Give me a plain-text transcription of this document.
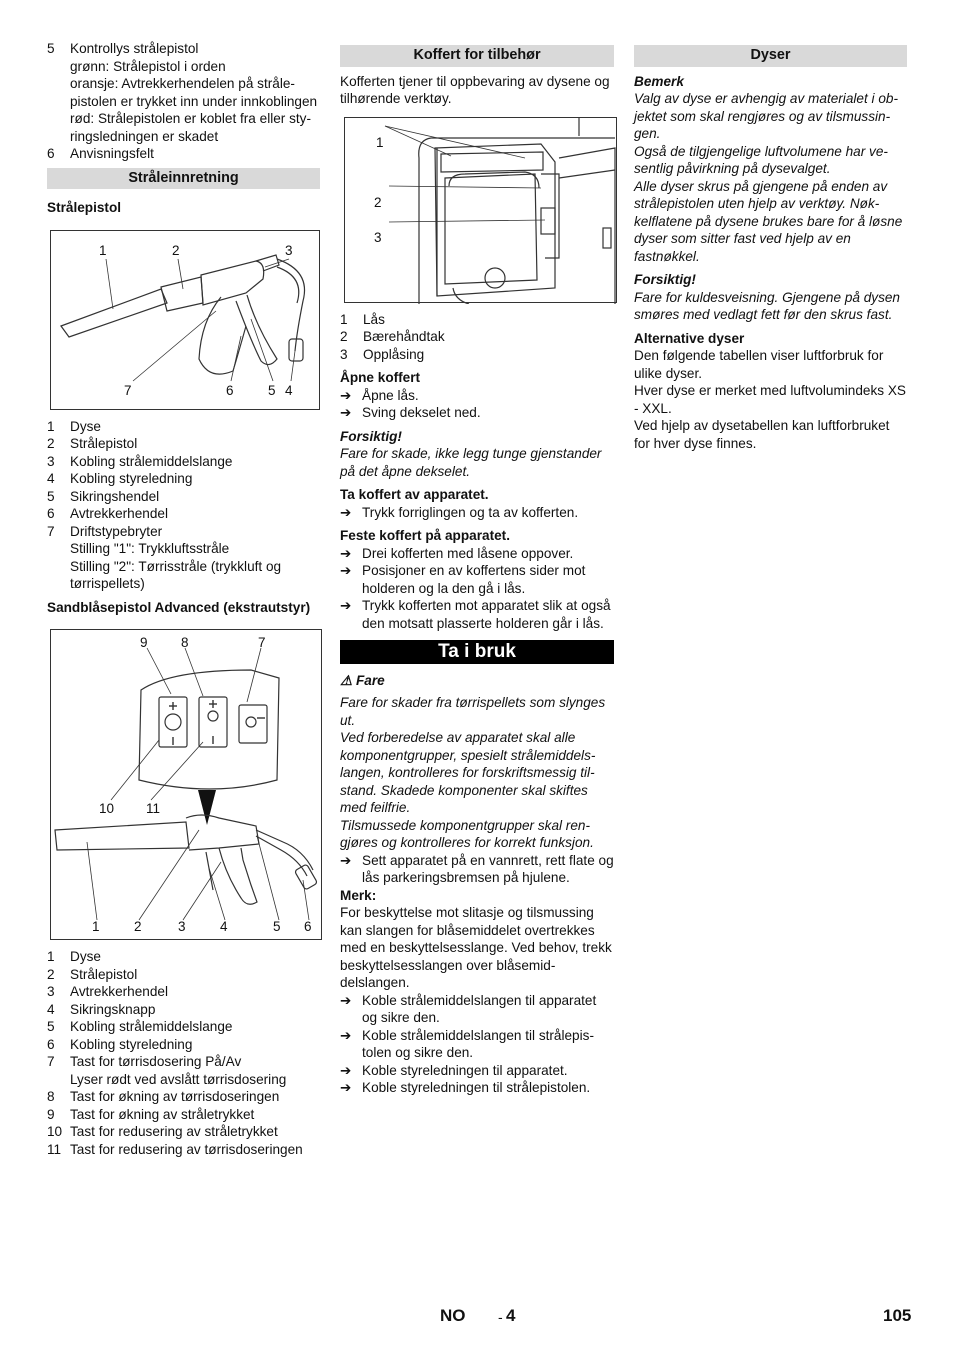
5	Kontrollys strålepistol
grønn: Strålepistol i orden
oransje: Avtrekkerhendelen på strålepistolen er trykket inn under innkoblingen
rød: Strålepistolen er koblet fra eller styringsledningen er skadet
6	Anvisningsfelt
Stråleinnretning
Strålepistol
1	2	3
7	6	5 4
1	Dyse
2	Strålepistol
3	Kobling strålemiddelslange
4	Kobling styreledning
5	Sikringshendel
6	Avtrekkerhendel
7	Driftstypebryter
Stilling "1": Trykkluftsstråle
Stilling "2": Tørrisstråle (trykkluft og tørrispellets)
Sandblåsepistol Advanced (ekstrautstyr)
9 8	7
10 11
1	2	3	4	5 6
1	Dyse
2	Strålepistol
3	Avtrekkerhendel
4	Sikringsknapp
5	Kobling strålemiddelslange
6	Kobling styreledning
7	Tast for tørrisdosering På/Av
Lyser rødt ved avslått tørrisdosering
8	Tast for økning av tørrisdoseringen
9	Tast for økning av stråletrykket
10 Tast for redusering av stråletrykket
11 Tast for redusering av tørrisdoseringen
Koffert for tilbehør
Kofferten tjener til oppbevaring av dysene og tilhørende verktøy.
1
2
3
1	Lås
2	Bærehåndtak
3	Opplåsing
Åpne koffert
➔ Åpne lås.
➔ Sving dekselet ned.
Forsiktig!
Fare for skade, ikke legg tunge gjenstander på det åpne dekselet.
Ta koffert av apparatet.
➔ Trykk forriglingen og ta av kofferten.
Feste koffert på apparatet.
➔ Drei kofferten med låsene oppover.
➔ Posisjoner en av koffertens sider mot holderen og la den gå i lås.
➔ Trykk kofferten mot apparatet slik at også den motsatt plasserte holderen går i lås.
Ta i bruk
⚠ Fare
Fare for skader fra tørrispellets som slynges ut.
Ved forberedelse av apparatet skal alle komponentgrupper, spesielt strålemiddelslangen, kontrolleres for forskriftsmessig tilstand. Skadede komponenter skal skiftes med feilfrie.
Tilsmussede komponentgrupper skal rengjøres og kontrolleres for korrekt funksjon.
➔ Sett apparatet på en vannrett, rett flate og lås parkeringsbremsen på hjulene.
Merk:
For beskyttelse mot slitasje og tilsmussing kan slangen for blåsemiddelet overtrekkes med en beskyttelsesslange. Ved behov, trekk beskyttelsesslangen over blåsemiddelslangen.
➔ Koble strålemiddelslangen til apparatet og sikre den.
➔ Koble strålemiddelslangen til strålepistolen og sikre den.
➔ Koble styreledningen til apparatet.
➔ Koble styreledningen til strålepistolen.
Dyser
Bemerk
Valg av dyse er avhengig av materialet i objektet som skal rengjøres og av tilsmussingen.
Også de tilgjengelige luftvolumene har vesentlig påvirkning på dysevalget.
Alle dyser skrus på gjengene på enden av strålepistolen uten hjelp av verktøy. Nøkkelflatene på dysene brukes bare for å løsne dyser som sitter fast ved hjelp av en fastnøkkel.
Forsiktig!
Fare for kuldesveisning. Gjengene på dysen smøres med vedlagt fett før den skrus fast.
Alternative dyser
Den følgende tabellen viser luftforbruk for ulike dyser.
Hver dyse er merket med luftvolumindeks XS - XXL.
Ved hjelp av dysetabellen kan luftforbruket for hver dyse finnes.
NO - 4	105
